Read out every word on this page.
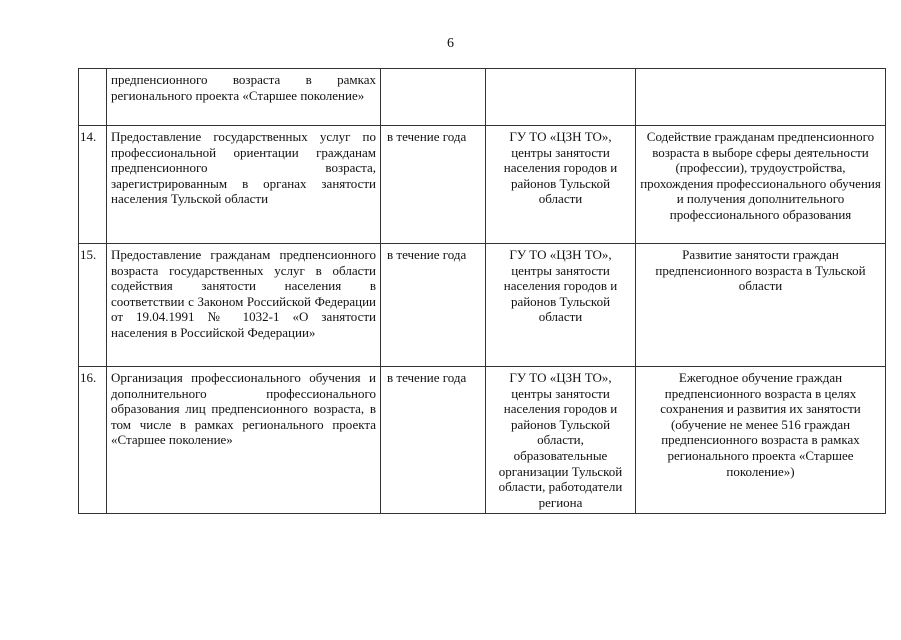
6
	предпенсионного возраста в рамках регионального проекта «Старшее поколение»			
14.	Предоставление государственных услуг по профессиональной ориентации гражданам предпенсионного возраста, зарегистрированным в органах занятости населения Тульской области	в течение года	ГУ ТО «ЦЗН ТО», центры занятости населения городов и районов Тульской области	Содействие гражданам предпенсионного возраста в выборе сферы деятельности (профессии), трудоустройства, прохождения профессионального обучения и получения дополнительного профессионального образования
15.	Предоставление гражданам предпенсионного возраста государственных услуг в области содействия занятости населения в соответствии с Законом Российской Федерации от 19.04.1991 № 1032-1 «О занятости населения в Российской Федерации»	в течение года	ГУ ТО «ЦЗН ТО», центры занятости населения городов и районов Тульской области	Развитие занятости граждан предпенсионного возраста в Тульской области
16.	Организация профессионального обучения и дополнительного профессионального образования лиц предпенсионного возраста, в том числе в рамках регионального проекта «Старшее поколение»	в течение года	ГУ ТО «ЦЗН ТО», центры занятости населения городов и районов Тульской области, образовательные организации Тульской области, работодатели региона	Ежегодное обучение граждан предпенсионного возраста в целях сохранения и развития их занятости (обучение не менее 516 граждан предпенсионного возраста в рамках регионального проекта «Старшее поколение»)
